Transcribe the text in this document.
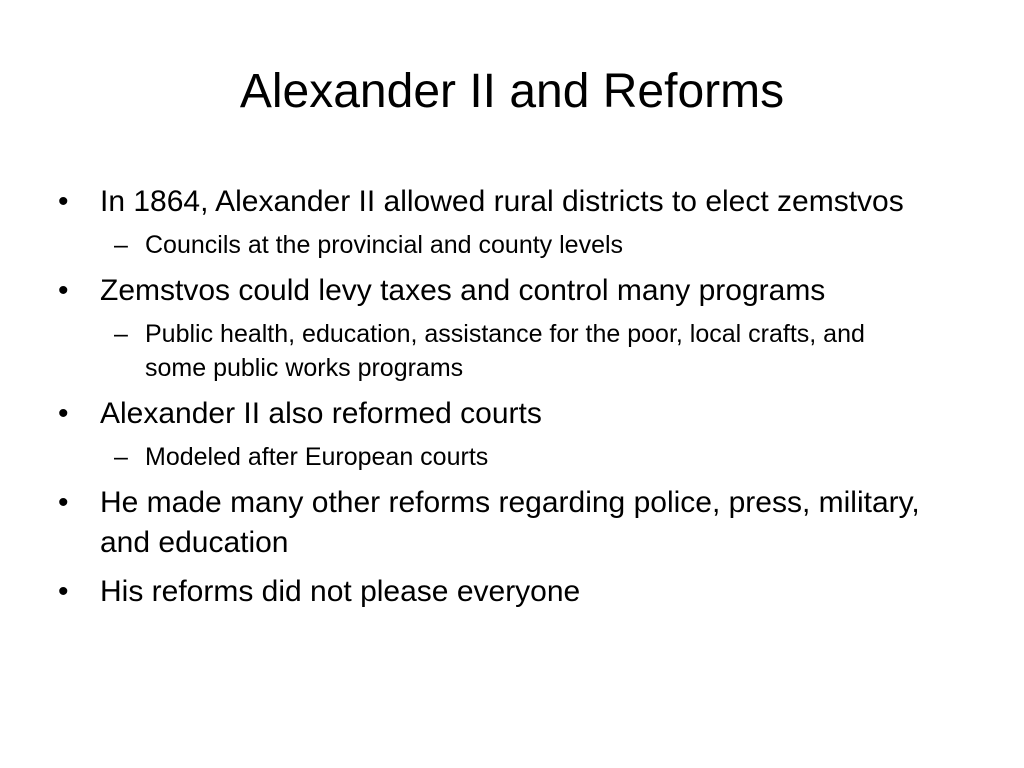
Alexander II and Reforms
• In 1864, Alexander II allowed rural districts to elect zemstvos
– Councils at the provincial and county levels
• Zemstvos could levy taxes and control many programs
– Public health, education, assistance for the poor, local crafts, and some public works programs
• Alexander II also reformed courts
– Modeled after European courts
• He made many other reforms regarding police, press, military, and education
• His reforms did not please everyone
